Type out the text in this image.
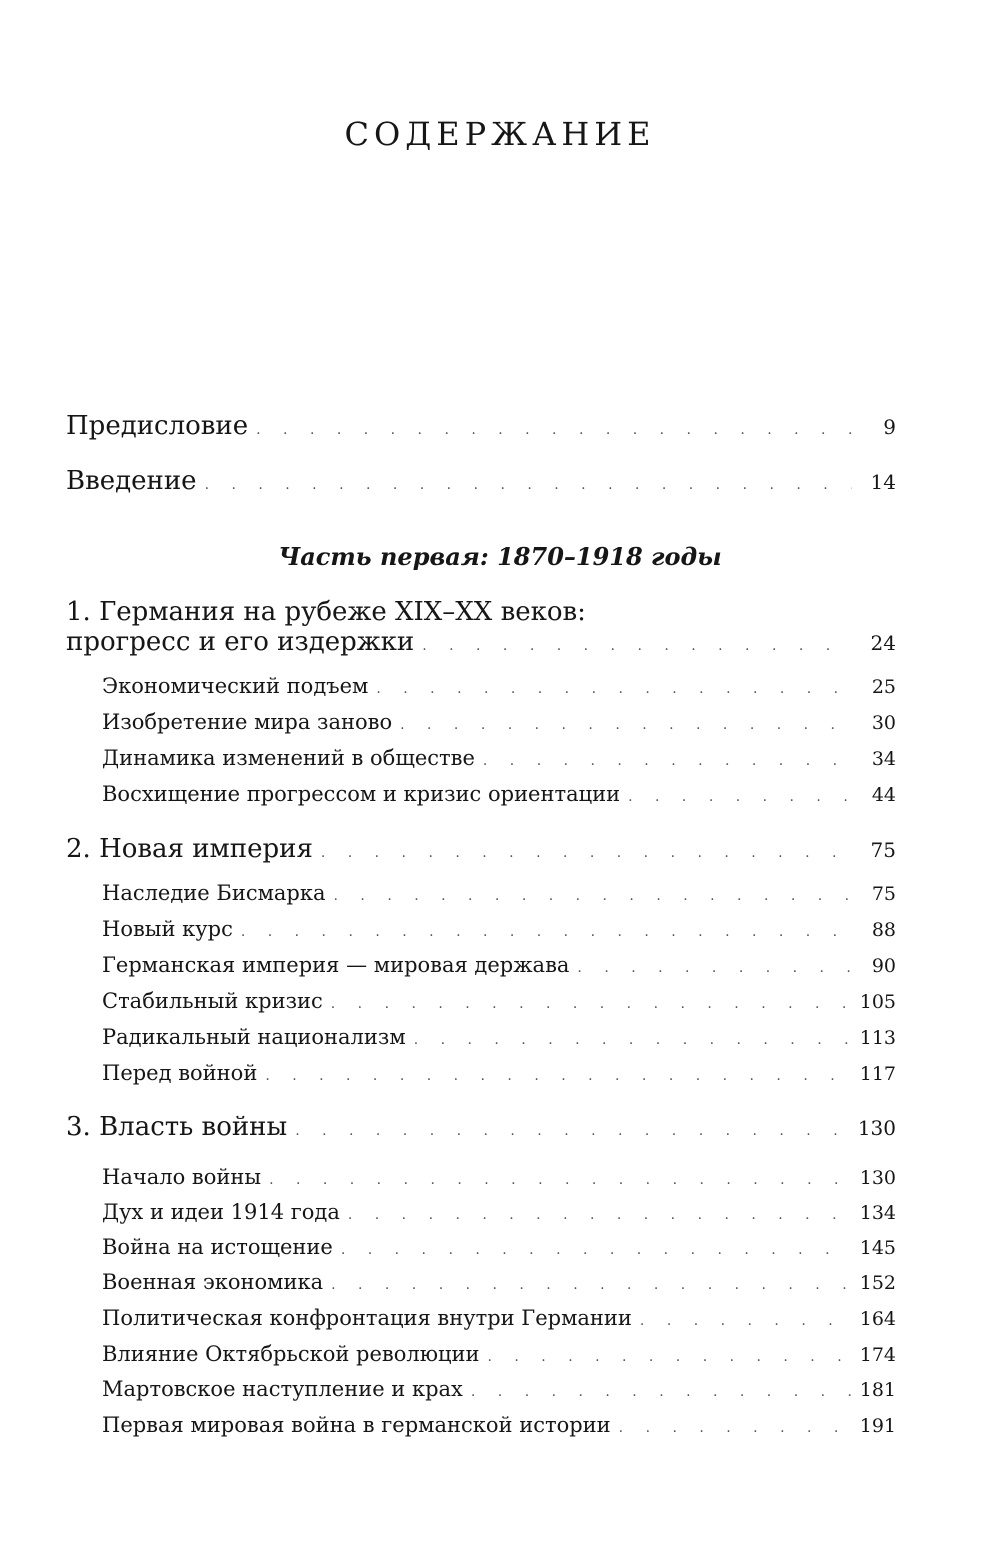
СОДЕРЖАНИЕ
Предисловие . . .	9
Введение . . .	14
Часть первая: 1870–1918 годы
1. Германия на рубеже XIX–XX веков:
прогресс и его издержки . . .	24
Экономический подъем . . .	25
Изобретение мира заново . . .	30
Динамика изменений в обществе . . .	34
Восхищение прогрессом и кризис ориентации . . .	44
2. Новая империя . . .	75
Наследие Бисмарка . . .	75
Новый курс . . .	88
Германская империя — мировая держава . . .	90
Стабильный кризис . . .	105
Радикальный национализм . . .	113
Перед войной . . .	117
3. Власть войны . . .	130
Начало войны . . .	130
Дух и идеи 1914 года . . .	134
Война на истощение . . .	145
Военная экономика . . .	152
Политическая конфронтация внутри Германии . . .	164
Влияние Октябрьской революции . . .	174
Мартовское наступление и крах . . .	181
Первая мировая война в германской истории . . .	191
